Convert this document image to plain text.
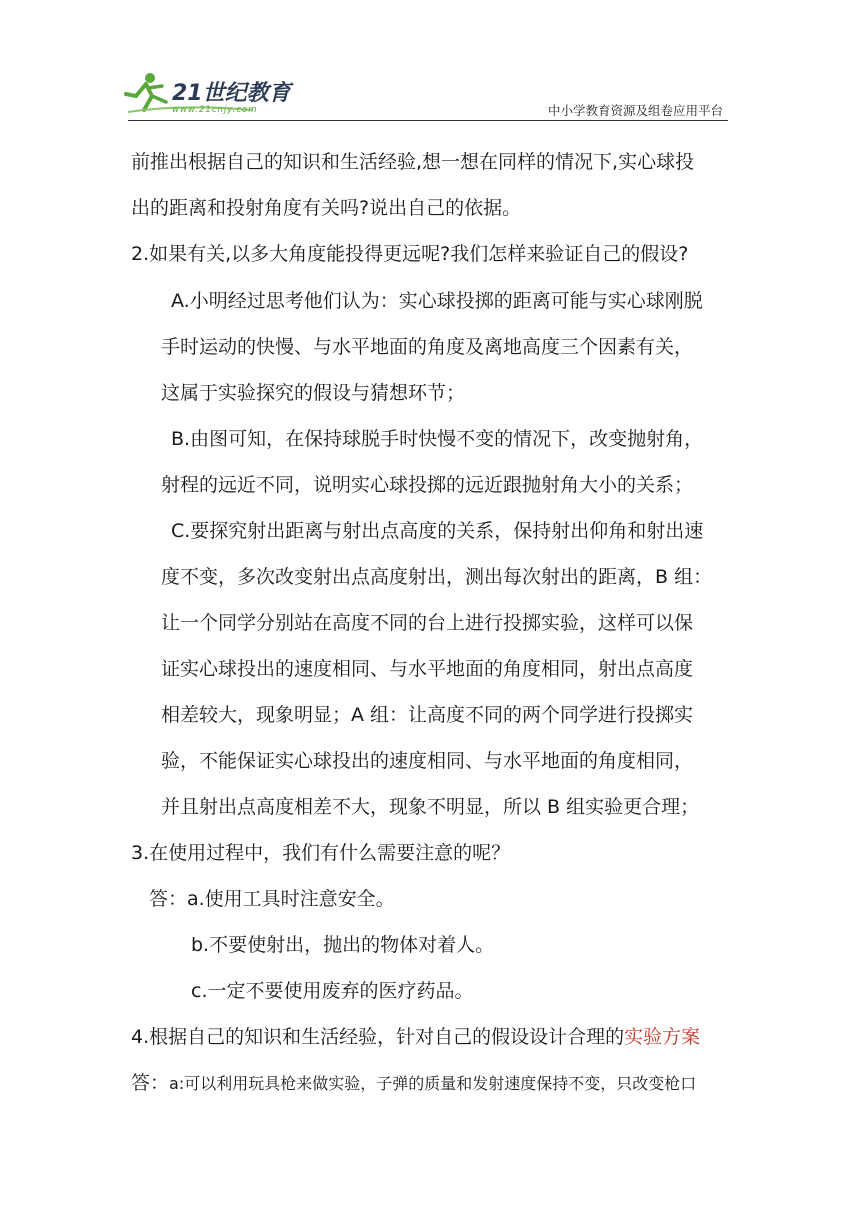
21世纪教育
www.21cnjy.com	中小学教育资源及组卷应用平台
前推出根据自己的知识和生活经验,想一想在同样的情况下,实心球投
出的距离和投射角度有关吗?说出自己的依据。
2.如果有关,以多大角度能投得更远呢?我们怎样来验证自己的假设?
A.小明经过思考他们认为：实心球投掷的距离可能与实心球刚脱
手时运动的快慢、与水平地面的角度及离地高度三个因素有关，
这属于实验探究的假设与猜想环节；
B.由图可知，在保持球脱手时快慢不变的情况下，改变抛射角，
射程的远近不同，说明实心球投掷的远近跟抛射角大小的关系；
C.要探究射出距离与射出点高度的关系，保持射出仰角和射出速
度不变，多次改变射出点高度射出，测出每次射出的距离，B 组：
让一个同学分别站在高度不同的台上进行投掷实验，这样可以保
证实心球投出的速度相同、与水平地面的角度相同，射出点高度
相差较大，现象明显；A 组：让高度不同的两个同学进行投掷实
验，不能保证实心球投出的速度相同、与水平地面的角度相同，
并且射出点高度相差不大，现象不明显，所以 B 组实验更合理；
3.在使用过程中，我们有什么需要注意的呢？
答：a.使用工具时注意安全。
b.不要使射出，抛出的物体对着人。
c.一定不要使用废弃的医疗药品。
4.根据自己的知识和生活经验，针对自己的假设设计合理的实验方案
答：a:可以利用玩具枪来做实验，子弹的质量和发射速度保持不变，只改变枪口
